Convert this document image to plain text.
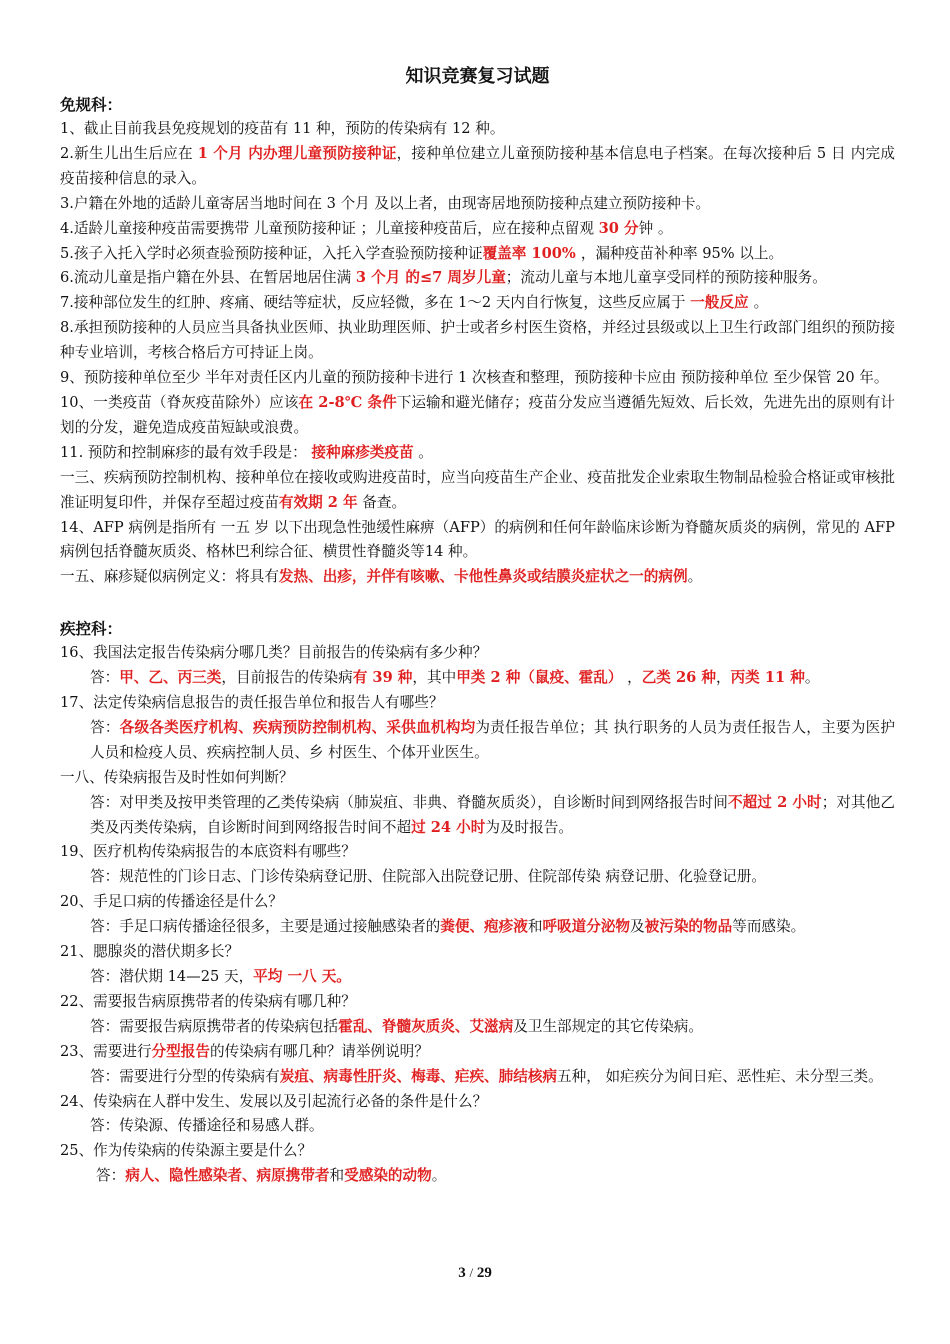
知识竞赛复习试题
免规科：
1、截止目前我县免疫规划的疫苗有 11 种，预防的传染病有 12 种。
2.新生儿出生后应在 1 个月 内办理儿童预防接种证，接种单位建立儿童预防接种基本信息电子档案。在每次接种后 5 日 内完成疫苗接种信息的录入。
3.户籍在外地的适龄儿童寄居当地时间在 3 个月 及以上者，由现寄居地预防接种点建立预防接种卡。
4.适龄儿童接种疫苗需要携带 儿童预防接种证 ；儿童接种疫苗后，应在接种点留观 30 分钟 。
5.孩子入托入学时必须查验预防接种证，入托入学查验预防接种证覆盖率 100% ，漏种疫苗补种率 95% 以上。
6.流动儿童是指户籍在外县、在暂居地居住满 3 个月 的≤7 周岁儿童；流动儿童与本地儿童享受同样的预防接种服务。
7.接种部位发生的红肿、疼痛、硬结等症状，反应轻微，多在 1～2 天内自行恢复，这些反应属于 一般反应 。
8.承担预防接种的人员应当具备执业医师、执业助理医师、护士或者乡村医生资格，并经过县级或以上卫生行政部门组织的预防接种专业培训，考核合格后方可持证上岗。
9、预防接种单位至少 半年对责任区内儿童的预防接种卡进行 1 次核查和整理，预防接种卡应由 预防接种单位 至少保管 20 年。
10、一类疫苗（脊灰疫苗除外）应该在 2-8℃ 条件下运输和避光储存；疫苗分发应当遵循先短效、后长效，先进先出的原则有计划的分发，避免造成疫苗短缺或浪费。
11. 预防和控制麻疹的最有效手段是： 接种麻疹类疫苗 。
一三、疾病预防控制机构、接种单位在接收或购进疫苗时，应当向疫苗生产企业、疫苗批发企业索取生物制品检验合格证或审核批准证明复印件，并保存至超过疫苗有效期 2 年 备查。
14、AFP 病例是指所有 一五 岁 以下出现急性弛缓性麻痹（AFP）的病例和任何年龄临床诊断为脊髓灰质炎的病例，常见的 AFP 病例包括脊髓灰质炎、格林巴利综合征、横贯性脊髓炎等14 种。
一五、麻疹疑似病例定义：将具有发热、出疹，并伴有咳嗽、卡他性鼻炎或结膜炎症状之一的病例。
疾控科：
16、我国法定报告传染病分哪几类？目前报告的传染病有多少种？
答：甲、乙、丙三类，目前报告的传染病有 39 种，其中甲类 2 种（鼠疫、霍乱） ，乙类 26 种，丙类 11 种。
17、法定传染病信息报告的责任报告单位和报告人有哪些？
答：各级各类医疗机构、疾病预防控制机构、采供血机构均为责任报告单位；其 执行职务的人员为责任报告人，主要为医护人员和检疫人员、疾病控制人员、乡 村医生、个体开业医生。
一八、传染病报告及时性如何判断？
答：对甲类及按甲类管理的乙类传染病（肺炭疽、非典、脊髓灰质炎），自诊断时间到网络报告时间不超过 2 小时；对其他乙类及丙类传染病，自诊断时间到网络报告时间不超过 24 小时为及时报告。
19、医疗机构传染病报告的本底资料有哪些？
答：规范性的门诊日志、门诊传染病登记册、住院部入出院登记册、住院部传染 病登记册、化验登记册。
20、手足口病的传播途径是什么？
答：手足口病传播途径很多，主要是通过接触感染者的粪便、疱疹液和呼吸道分泌物及被污染的物品等而感染。
21、腮腺炎的潜伏期多长？
答：潜伏期 14—25 天，平均 一八 天。
22、需要报告病原携带者的传染病有哪几种？
答：需要报告病原携带者的传染病包括霍乱、脊髓灰质炎、艾滋病及卫生部规定的其它传染病。
23、需要进行分型报告的传染病有哪几种？请举例说明？
答：需要进行分型的传染病有炭疽、病毒性肝炎、梅毒、疟疾、肺结核病五种， 如疟疾分为间日疟、恶性疟、未分型三类。
24、传染病在人群中发生、发展以及引起流行必备的条件是什么？
答：传染源、传播途径和易感人群。
25、作为传染病的传染源主要是什么？
答：病人、隐性感染者、病原携带者和受感染的动物。
3 / 29
